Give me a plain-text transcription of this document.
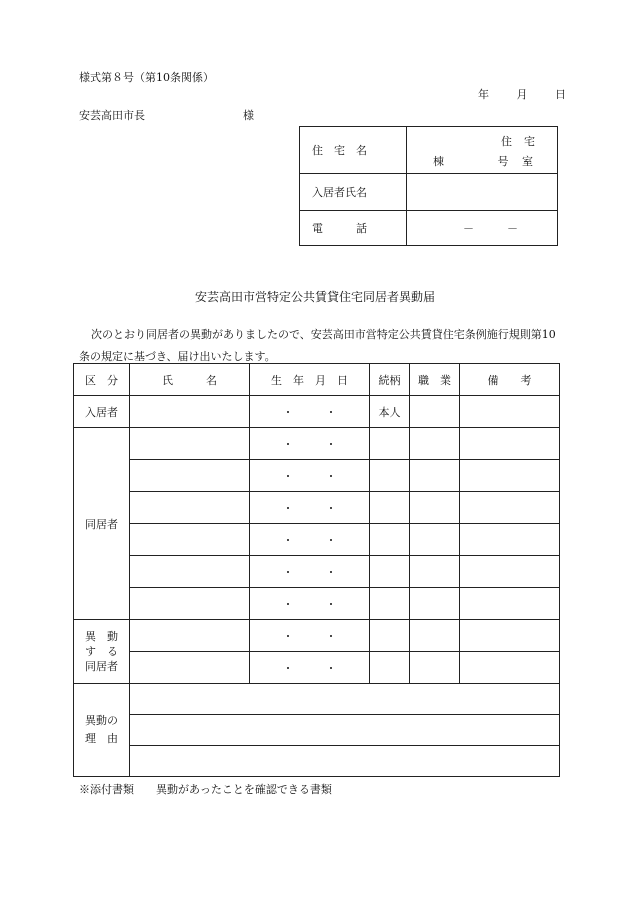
様式第８号（第10条関係）
年	月	日
安芸高田市長	様
住　宅　名	住宅
棟 号 室

入居者氏名	
電　　　話	－　　　－
安芸高田市営特定公共賃貸住宅同居者異動届
次のとおり同居者の異動がありましたので、安芸高田市営特定公共賃貸住宅条例施行規則第10条の規定に基づき、届け出いたします。
区　分	氏　　　名	生　年　月　日	続柄	職　業	備　　考
入居者		・ ・	本人		
同居者		・ ・			
		・ ・			
		・ ・			
		・ ・			
		・ ・			
		・ ・			

異　動
す　る
同居者		・ ・			
		・ ・			

異動の
理　由					

※添付書類　　異動があったことを確認できる書類
